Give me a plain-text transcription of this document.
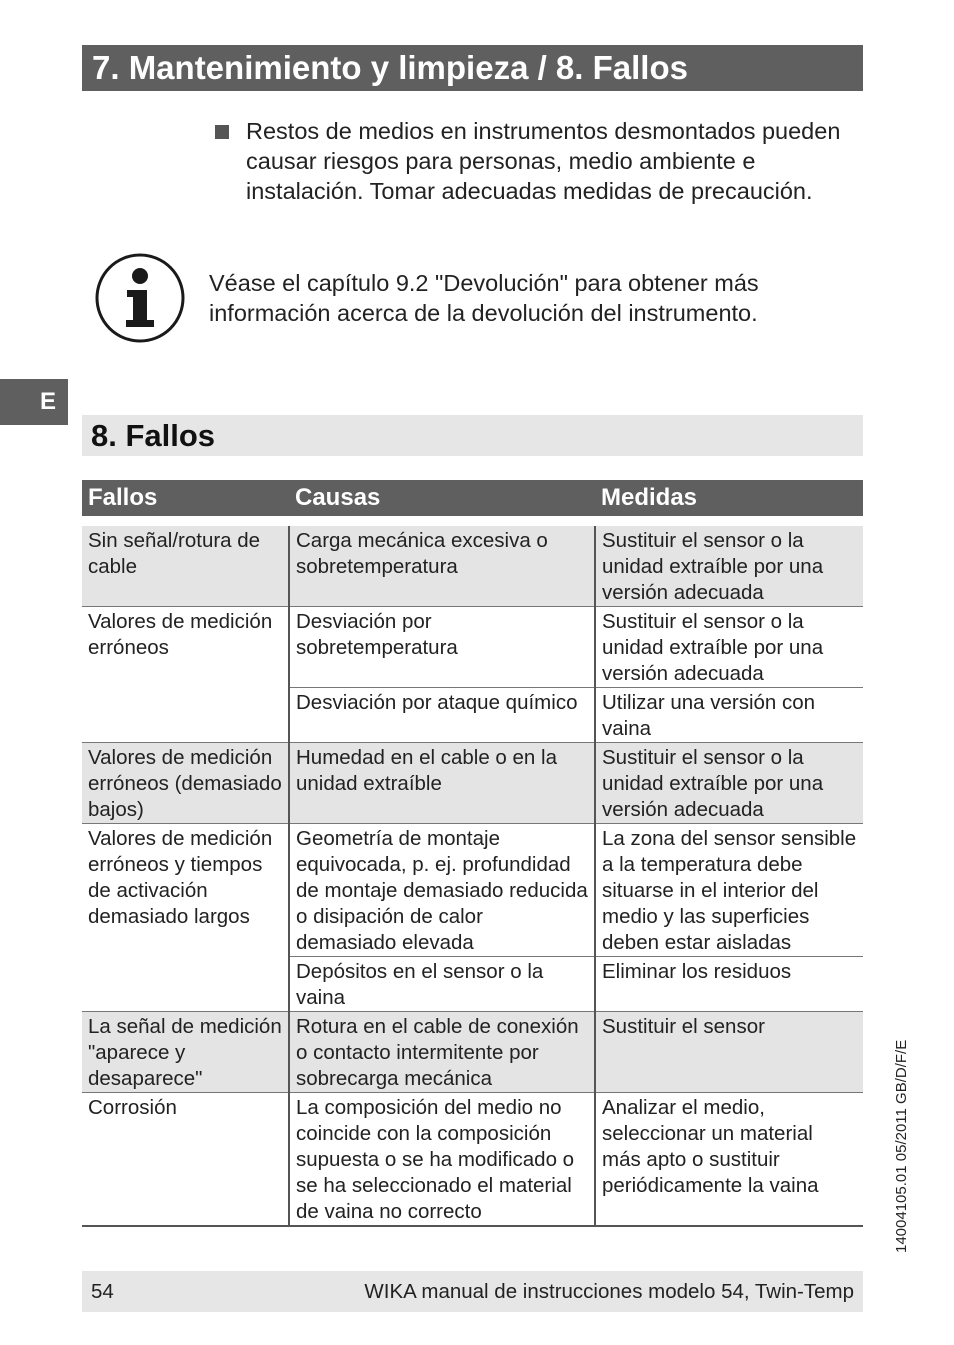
7. Mantenimiento y limpieza / 8. Fallos
Restos de medios en instrumentos desmontados pueden causar riesgos para personas, medio ambiente e instalación. Tomar adecuadas medidas de precaución.
Véase el capítulo 9.2 "Devolución" para obtener más información acerca de la devolución del instrumento.
E
8. Fallos
Fallos	Causas	Medidas

Sin señal/rotura de cable	Carga mecánica excesiva o sobretemperatura	Sustituir el sensor o la unidad extraíble por una versión adecuada

Valores de medición erróneos	Desviación por sobretemperatura	Sustituir el sensor o la unidad extraíble por una versión adecuada

	Desviación por ataque químico	Utilizar una versión con vaina

Valores de medición erróneos (demasiado bajos)	Humedad en el cable o en la unidad extraíble	Sustituir el sensor o la unidad extraíble por una versión adecuada

Valores de medición erróneos y tiempos de activación demasiado largos	Geometría de montaje equivocada, p. ej. profundidad de montaje demasiado reducida o disipación de calor demasiado elevada	La zona del sensor sensible a la temperatura debe situarse in el interior del medio y las superficies deben estar aisladas

	Depósitos en el sensor o la vaina	Eliminar los residuos

La señal de medición "aparece y desaparece"	Rotura en el cable de conexión o contacto intermitente por sobrecarga mecánica	Sustituir el sensor

Corrosión	La composición del medio no coincide con la composición supuesta o se ha modificado o se ha seleccionado el material de vaina no correcto	Analizar el medio, seleccionar un material más apto o sustituir periódicamente la vaina	14004105.01 05/2011 GB/D/F/E
54	WIKA manual de instrucciones modelo 54, Twin-Temp
